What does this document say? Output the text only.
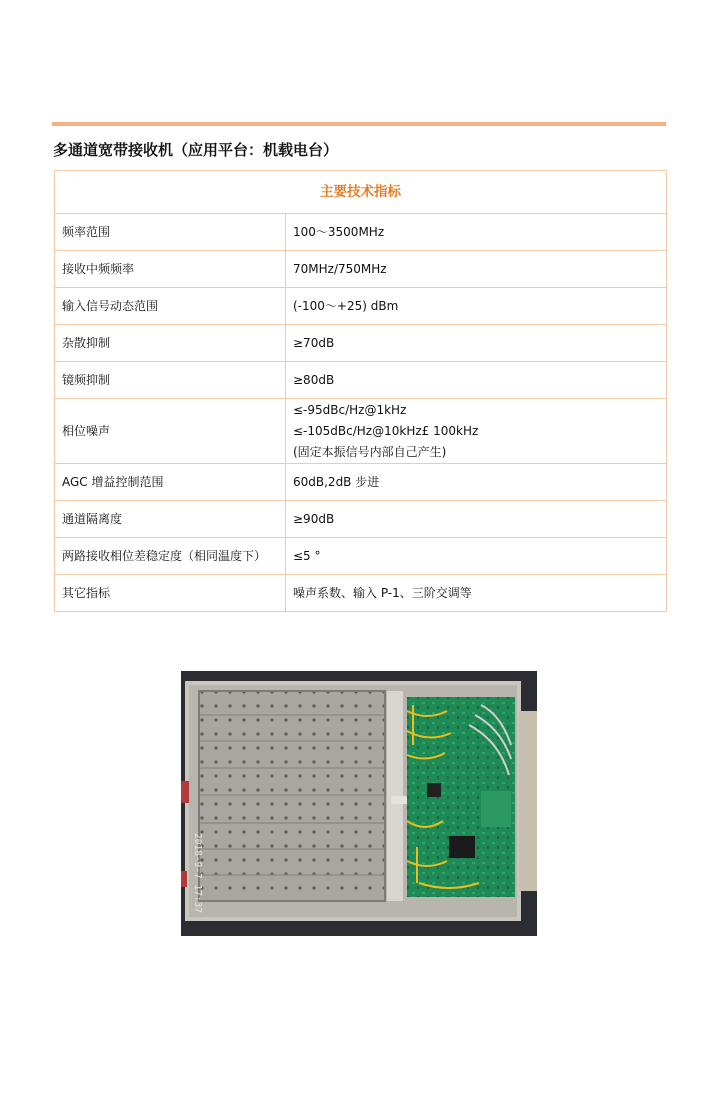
多通道宽带接收机（应用平台：机载电台）
主要技术指标	
频率范围	100～3500MHz
接收中频频率	70MHz/750MHz
输入信号动态范围	(-100～+25) dBm
杂散抑制	≥70dB
镜频抑制	≥80dB
相位噪声	≤-95dBc/Hz@1kHz
≤-105dBc/Hz@10kHz£ 100kHz
(固定本振信号内部自己产生)

AGC 增益控制范围	60dB,2dB 步进
通道隔离度	≥90dB
两路接收相位差稳定度（相同温度下）	≤5 °
其它指标	噪声系数、输入 P-1、三阶交调等
2018-9-7 17:37
